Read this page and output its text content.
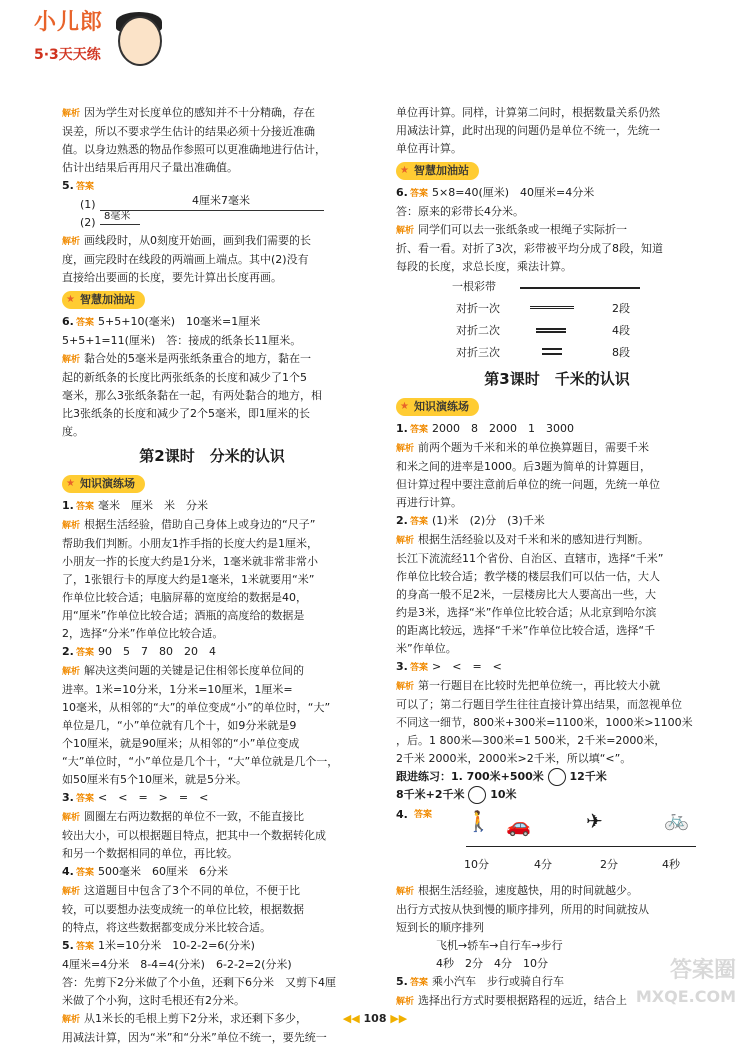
小儿郎
5·3天天练

解析 因为学生对长度单位的感知并不十分精确，存在

误差，所以不要求学生估计的结果必须十分接近准确

值。以身边熟悉的物品作参照可以更准确地进行估计，

估计出结果后再用尺子量出准确值。

5. 答案

(1)	4厘米7毫米
(2) 8毫米

解析 画线段时，从0刻度开始画，画到我们需要的长

度，画完段时在线段的两端画上端点。其中(2)没有

直接给出要画的长度，要先计算出长度再画。

★ 智慧加油站

6. 答案 5+5+10(毫米)　10毫米=1厘米

5+5+1=11(厘米)　答：接成的纸条长11厘米。

解析 黏合处的5毫米是两张纸条重合的地方，黏在一

起的新纸条的长度比两张纸条的长度和减少了1个5

毫米，那么3张纸条黏在一起，有两处黏合的地方，相

比3张纸条的长度和减少了2个5毫米，即1厘米的长

度。

第2课时　分米的认识

★ 知识演练场

1. 答案 毫米　厘米　米　分米

解析 根据生活经验，借助自己身体上或身边的“尺子”

帮助我们判断。小朋友1拃手指的长度大约是1厘米，

小朋友一拃的长度大约是1分米，1毫米就非常非常小

了，1张银行卡的厚度大约是1毫米，1米就要用“米”

作单位比较合适；电脑屏幕的宽度给的数据是40，

用“厘米”作单位比较合适；酒瓶的高度给的数据是

2，选择“分米”作单位比较合适。

2. 答案 90　5　7　80　20　4

解析 解决这类问题的关键是记住相邻长度单位间的

进率。1米=10分米，1分米=10厘米，1厘米=

10毫米，从相邻的“大”的单位变成“小”的单位时，“大”

单位是几，“小”单位就有几个十，如9分米就是9

个10厘米，就是90厘米；从相邻的“小”单位变成

“大”单位时，“小”单位是几个十，“大”单位就是几个一，

如50厘米有5个10厘米，就是5分米。

3. 答案 <　<　=　>　=　<

解析 圆圈左右两边数据的单位不一致，不能直接比

较出大小，可以根据题目特点，把其中一个数据转化成

和另一个数据相同的单位，再比较。

4. 答案 500毫米　60厘米　6分米

解析 这道题目中包含了3个不同的单位，不便于比

较，可以要想办法变成统一的单位比较，根据数据

的特点，将这些数据都变成分米比较合适。

5. 答案 1米=10分米　10-2-2=6(分米)

4厘米=4分米　8-4=4(分米)　6-2-2=2(分米)

答：先剪下2分米做了个小鱼，还剩下6分米　又剪下4厘

米做了个小狗，这时毛根还有2分米。

解析 从1米长的毛根上剪下2分米，求还剩下多少，

用减法计算，因为“米”和“分米”单位不统一，要先统一

单位再计算。同样，计算第二问时，根据数量关系仍然

用减法计算，此时出现的问题仍是单位不统一，先统一

单位再计算。

★ 智慧加油站

6. 答案 5×8=40(厘米)　40厘米=4分米

答：原来的彩带长4分米。

解析 同学们可以去一张纸条或一根绳子实际折一

折、看一看。对折了3次，彩带被平均分成了8段，知道

每段的长度，求总长度，乘法计算。

一根彩带
对折一次	2段
对折二次	4段
对折三次	8段

第3课时　千米的认识

★ 知识演练场

1. 答案 2000　8　2000　1　3000

解析 前两个题为千米和米的单位换算题目，需要千米

和米之间的进率是1000。后3题为简单的计算题目，

但计算过程中要注意前后单位的统一问题，先统一单位

再进行计算。

2. 答案 (1)米　(2)分　(3)千米

解析 根据生活经验以及对千米和米的感知进行判断。

长江下流流经11个省份、自治区、直辖市，选择“千米”

作单位比较合适；教学楼的楼层我们可以估一估，大人

的身高一般不足2米，一层楼房比大人要高出一些，大

约是3米，选择“米”作单位比较合适；从北京到哈尔滨

的距离比较远，选择“千米”作单位比较合适，选择“千

米”作单位。

3. 答案 >　<　=　<

解析 第一行题目在比较时先把单位统一，再比较大小就

可以了；第二行题目学生往往直接计算出结果，而忽视单位

不同这一细节，800米+300米=1100米，1000米>1100米

，后。1 800米—300米=1 500米，2千米=2000米，

2千米 2000米，2000米>2千米，所以填“<”。

跟进练习：1. 700米+500米 12千米

8千米+2千米 10米

4. 答案 🚶 🚗	✈	🚲
10分	4分	2分	4秒

解析 根据生活经验，速度越快，用的时间就越少。

出行方式按从快到慢的顺序排列，所用的时间就按从

短到长的顺序排列

飞机→轿车→自行车→步行

4秒　2分　4分　10分

5. 答案 乘小汽车　步行或骑自行车

解析 选择出行方式时要根据路程的远近，结合上

◀◀ 108 ▶▶
答案圈
MXQE.COM
